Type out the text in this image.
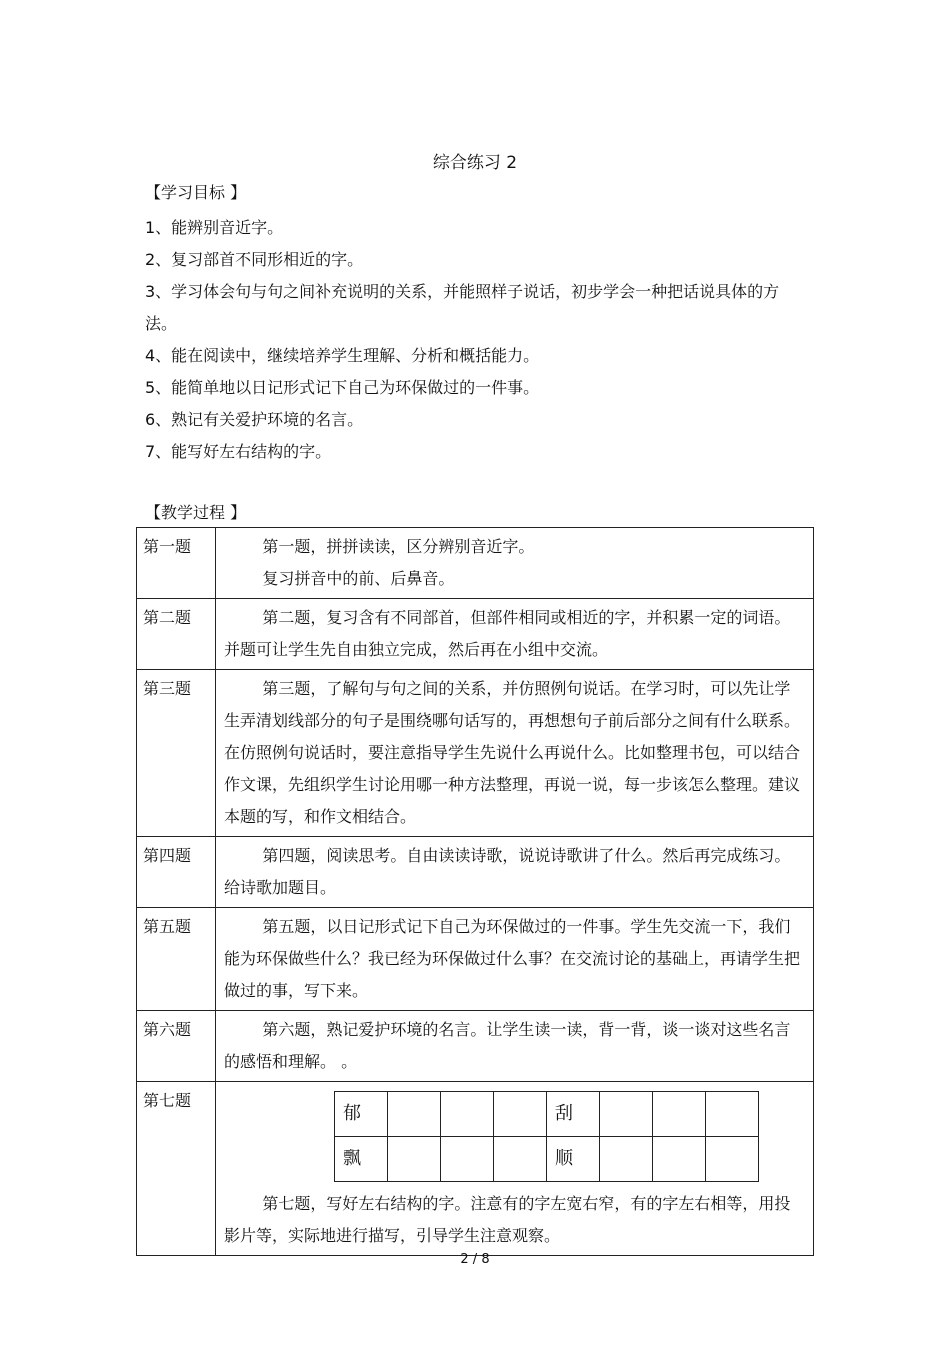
综合练习 2
【学习目标 】
1、能辨别音近字。
2、复习部首不同形相近的字。
3、学习体会句与句之间补充说明的关系，并能照样子说话，初步学会一种把话说具体的方法。
4、能在阅读中，继续培养学生理解、分析和概括能力。
5、能简单地以日记形式记下自己为环保做过的一件事。
6、熟记有关爱护环境的名言。
7、能写好左右结构的字。
【教学过程 】
第一题	第一题，拼拼读读，区分辨别音近字。

复习拼音中的前、后鼻音。

第二题	第二题，复习含有不同部首，但部件相同或相近的字，并积累一定的词语。并题可让学生先自由独立完成，然后再在小组中交流。

第三题	第三题，了解句与句之间的关系，并仿照例句说话。在学习时，可以先让学生弄清划线部分的句子是围绕哪句话写的，再想想句子前后部分之间有什么联系。在仿照例句说话时，要注意指导学生先说什么再说什么。比如整理书包，可以结合作文课，先组织学生讨论用哪一种方法整理，再说一说，每一步该怎么整理。建议本题的写，和作文相结合。

第四题	第四题，阅读思考。自由读读诗歌，说说诗歌讲了什么。然后再完成练习。给诗歌加题目。

第五题	第五题，以日记形式记下自己为环保做过的一件事。学生先交流一下，我们能为环保做些什么？我已经为环保做过什么事？在交流讨论的基础上，再请学生把做过的事，写下来。

第六题	第六题，熟记爱护环境的名言。让学生读一读，背一背，谈一谈对这些名言的感悟和理解。 。

第七题	
郁				刮			
飘				顺			

第七题，写好左右结构的字。注意有的字左宽右窄，有的字左右相等，用投影片等，实际地进行描写，引导学生注意观察。

2 / 8
